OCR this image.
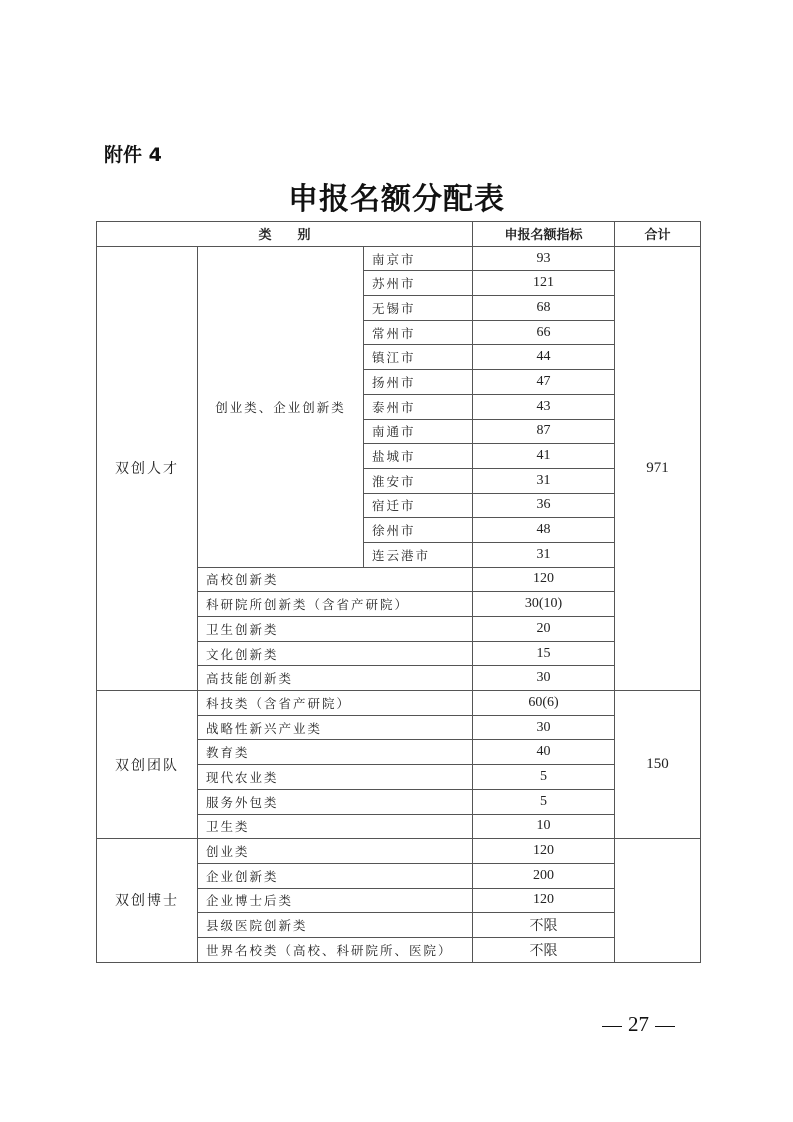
附件 4
申报名额分配表
类　　别			申报名额指标	合计
双创人才	创业类、企业创新类	南京市	93	971
		苏州市	121	
		无锡市	68	
		常州市	66	
		镇江市	44	
		扬州市	47	
		泰州市	43	
		南通市	87	
		盐城市	41	
		淮安市	31	
		宿迁市	36	
		徐州市	48	
		连云港市	31	
	高校创新类		120	
	科研院所创新类（含省产研院）		30(10)	
	卫生创新类		20	
	文化创新类		15	
	高技能创新类		30	
双创团队	科技类（含省产研院）		60(6)	150
	战略性新兴产业类		30	
	教育类		40	
	现代农业类		5	
	服务外包类		5	
	卫生类		10	
双创博士	创业类		120	
	企业创新类		200	
	企业博士后类		120	
	县级医院创新类		不限	
	世界名校类（高校、科研院所、医院）		不限	
27
